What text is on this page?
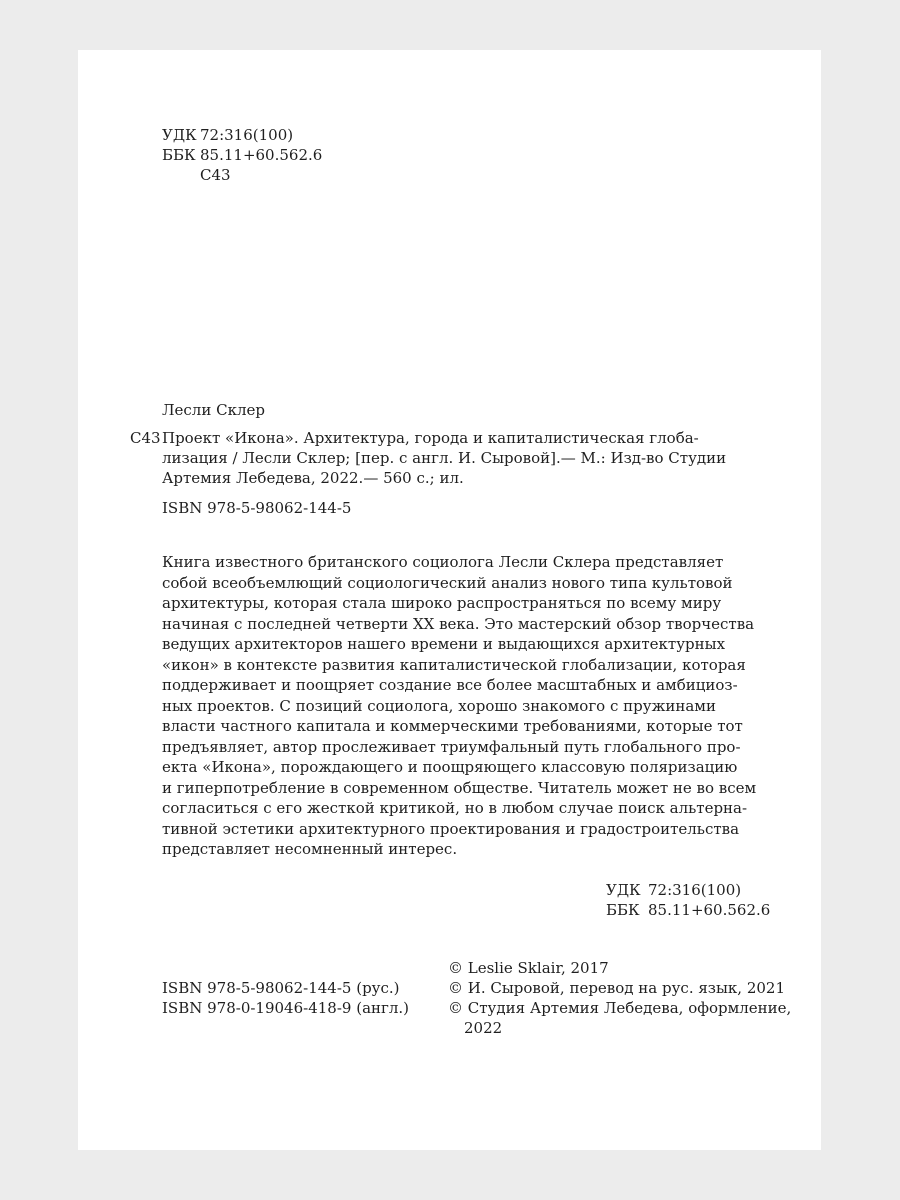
УДК 72:316(100)
ББК 85.11+60.562.6
С43
Лесли Склер
С43 Проект «Икона». Архитектура, города и капиталистическая глоба-
лизация / Лесли Склер; [пер. с англ. И. Сыровой].— М.: Изд-во Студии
Артемия Лебедева, 2022.— 560 с.; ил.
ISBN 978-5-98062-144-5
Книга известного британского социолога Лесли Склера представляет
собой всеобъемлющий социологический анализ нового типа культовой
архитектуры, которая стала широко распространяться по всему миру
начиная с последней четверти XX века. Это мастерский обзор творчества
ведущих архитекторов нашего времени и выдающихся архитектурных
«икон» в контексте развития капиталистической глобализации, которая
поддерживает и поощряет создание все более масштабных и амбициоз-
ных проектов. С позиций социолога, хорошо знакомого с пружинами
власти частного капитала и коммерческими требованиями, которые тот
предъявляет, автор прослеживает триумфальный путь глобального про-
екта «Икона», порождающего и поощряющего классовую поляризацию
и гиперпотребление в современном обществе. Читатель может не во всем
согласиться с его жесткой критикой, но в любом случае поиск альтерна-
тивной эстетики архитектурного проектирования и градостроительства
представляет несомненный интерес.
УДК 72:316(100)
ББК 85.11+60.562.6
ISBN 978-5-98062-144-5 (рус.)
ISBN 978-0-19046-418-9 (англ.)
© Leslie Sklair, 2017
© И. Сыровой, перевод на рус. язык, 2021
© Студия Артемия Лебедева, оформление,
2022
